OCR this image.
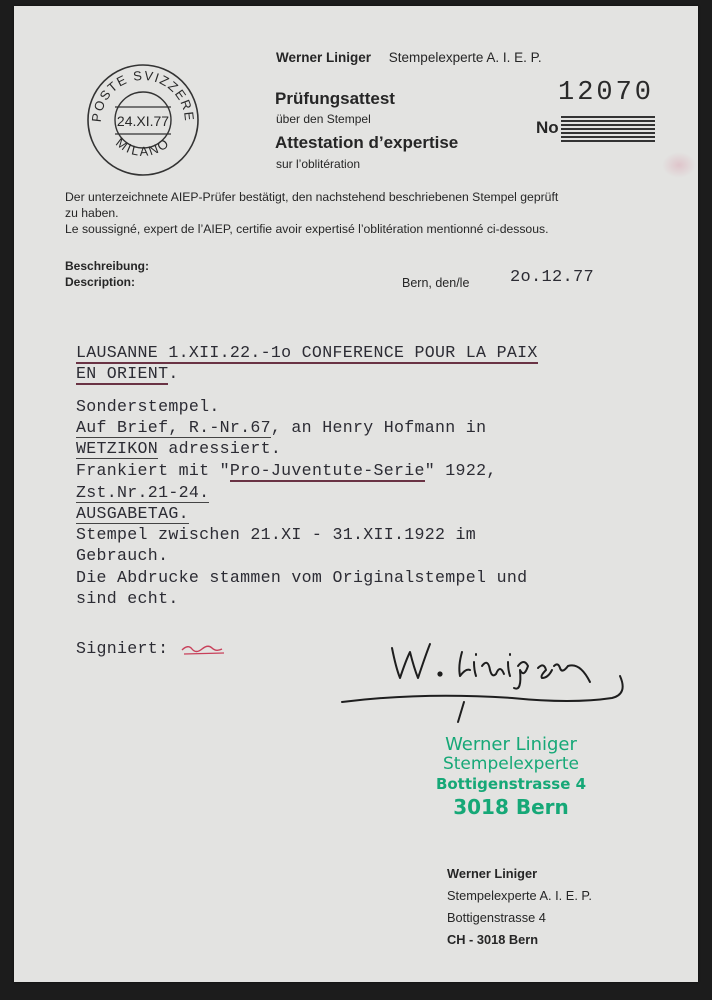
POSTE SVIZZERE
MILANO
24.XI.77
Werner Liniger Stempelexperte A. I. E. P.
Prüfungsattest
über den Stempel
Attestation d’expertise
sur l’oblitération
12070
No
Der unterzeichnete AIEP-Prüfer bestätigt, den nachstehend beschriebenen Stempel geprüft
zu haben.
Le soussigné, expert de l’AIEP, certifie avoir expertisé l’oblitération mentionné ci-dessous.
Beschreibung:
Description:	Bern, den/le 2o.12.77
LAUSANNE 1.XII.22.-1o CONFERENCE POUR LA PAIX
EN ORIENT.
Sonderstempel.
Auf Brief, R.-Nr.67, an Henry Hofmann in
WETZIKON adressiert.
Frankiert mit "Pro-Juventute-Serie" 1922,
Zst.Nr.21-24.
AUSGABETAG.
Stempel zwischen 21.XI - 31.XII.1922 im
Gebrauch.
Die Abdrucke stammen vom Originalstempel und
sind echt.
Signiert:
Werner Liniger
Stempelexperte
Bottigenstrasse 4
3018 Bern
Werner Liniger
Stempelexperte A. I. E. P.
Bottigenstrasse 4
CH - 3018 Bern
